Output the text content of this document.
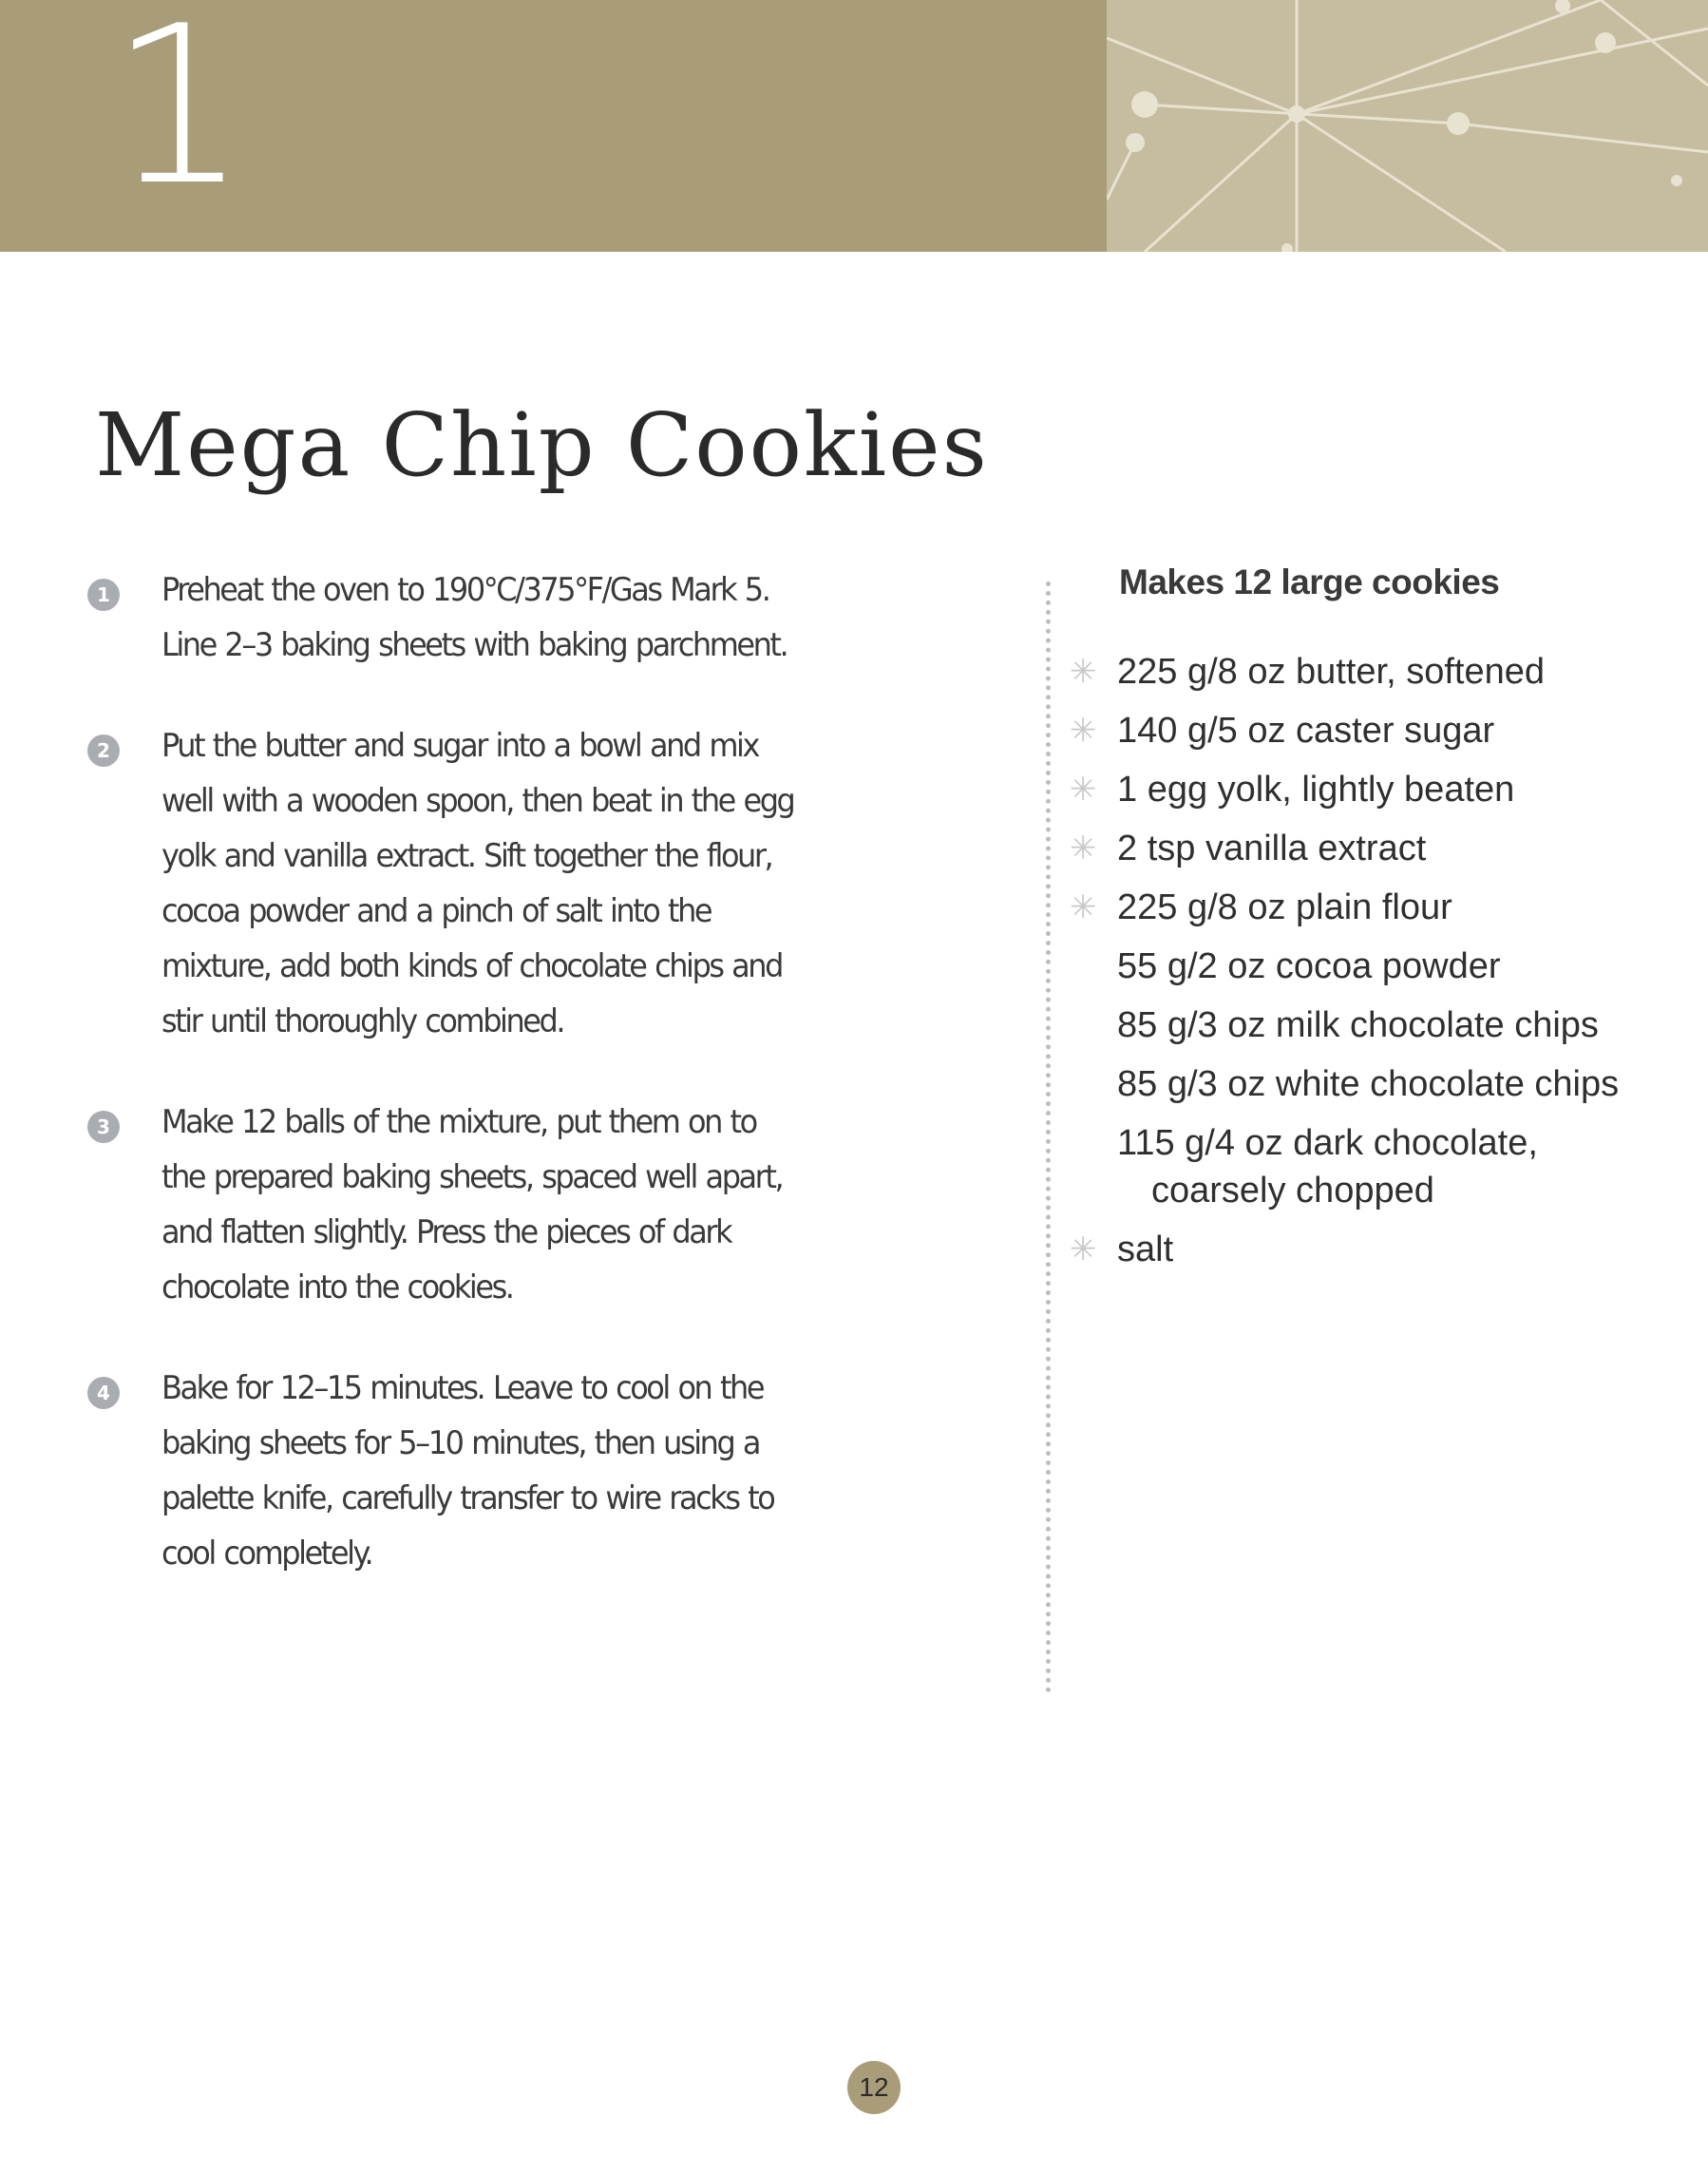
1
Mega Chip Cookies
1 Preheat the oven to 190°C/375°F/Gas Mark 5. Line 2–3 baking sheets with baking parchment.
2 Put the butter and sugar into a bowl and mix well with a wooden spoon, then beat in the egg yolk and vanilla extract. Sift together the flour, cocoa powder and a pinch of salt into the mixture, add both kinds of chocolate chips and stir until thoroughly combined.
3 Make 12 balls of the mixture, put them on to the prepared baking sheets, spaced well apart, and flatten slightly. Press the pieces of dark chocolate into the cookies.
4 Bake for 12–15 minutes. Leave to cool on the baking sheets for 5–10 minutes, then using a palette knife, carefully transfer to wire racks to cool completely.
Makes 12 large cookies
✳ 225 g/8 oz butter, softened
✳ 140 g/5 oz caster sugar
✳ 1 egg yolk, lightly beaten
✳ 2 tsp vanilla extract
✳ 225 g/8 oz plain flour
55 g/2 oz cocoa powder
85 g/3 oz milk chocolate chips
85 g/3 oz white chocolate chips
115 g/4 oz dark chocolate,
coarsely chopped
✳ salt
12
